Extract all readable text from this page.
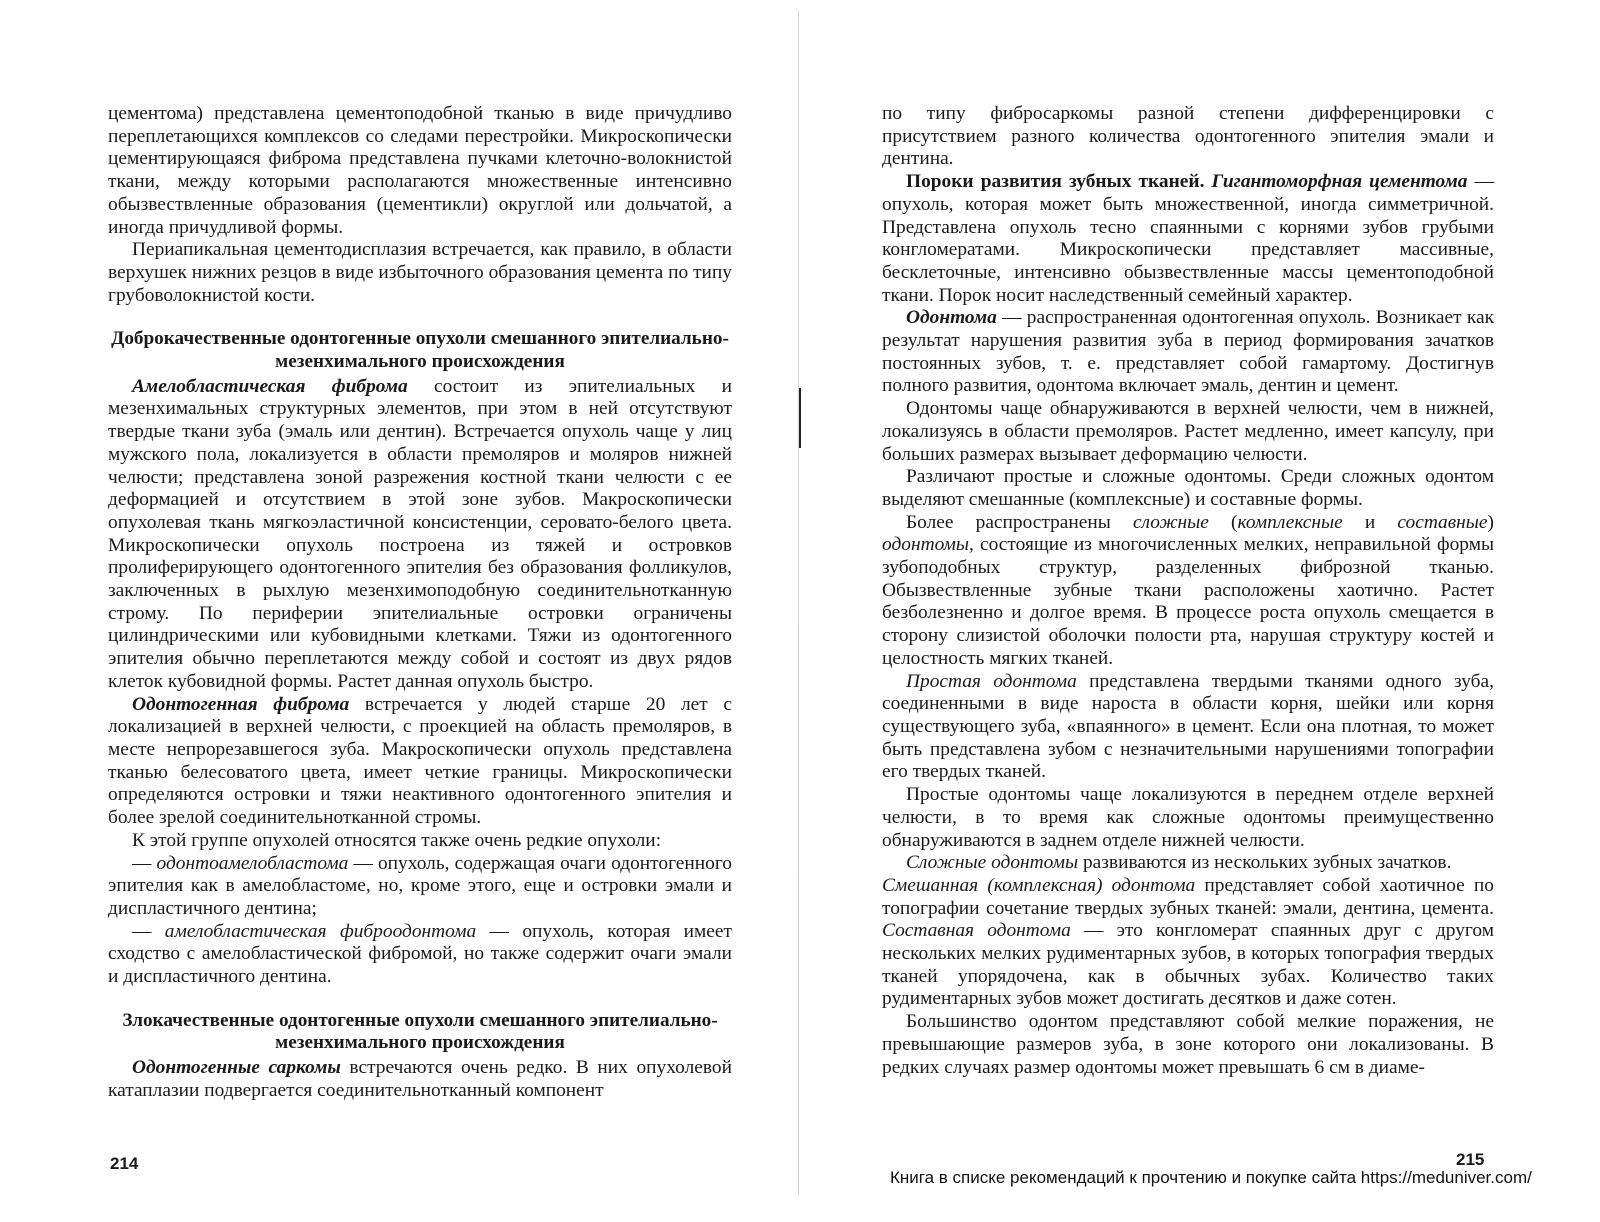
цементома) представлена цементоподобной тканью в виде причудливо переплетающихся комплексов со следами перестройки. Микроскопически цементирующаяся фиброма представлена пучками клеточно-волокнистой ткани, между которыми располагаются множественные интенсивно обызвествленные образования (цементикли) округлой или дольчатой, а иногда причудливой формы.

Периапикальная цементодисплазия встречается, как правило, в области верхушек нижних резцов в виде избыточного образования цемента по типу грубоволокнистой кости.

Доброкачественные одонтогенные опухоли смешанного эпителиально-мезенхимального происхождения

Амелобластическая фиброма состоит из эпителиальных и мезенхимальных структурных элементов, при этом в ней отсутствуют твердые ткани зуба (эмаль или дентин). Встречается опухоль чаще у лиц мужского пола, локализуется в области премоляров и моляров нижней челюсти; представлена зоной разрежения костной ткани челюсти с ее деформацией и отсутствием в этой зоне зубов. Макроскопически опухолевая ткань мягкоэластичной консистенции, серовато-белого цвета. Микроскопически опухоль построена из тяжей и островков пролиферирующего одонтогенного эпителия без образования фолликулов, заключенных в рыхлую мезенхимоподобную соединительнотканную строму. По периферии эпителиальные островки ограничены цилиндрическими или кубовидными клетками. Тяжи из одонтогенного эпителия обычно переплетаются между собой и состоят из двух рядов клеток кубовидной формы. Растет данная опухоль быстро.

Одонтогенная фиброма встречается у людей старше 20 лет с локализацией в верхней челюсти, с проекцией на область премоляров, в месте непрорезавшегося зуба. Макроскопически опухоль представлена тканью белесоватого цвета, имеет четкие границы. Микроскопически определяются островки и тяжи неактивного одонтогенного эпителия и более зрелой соединительнотканной стромы.

К этой группе опухолей относятся также очень редкие опухоли:

— одонтоамелобластома — опухоль, содержащая очаги одонтогенного эпителия как в амелобластоме, но, кроме этого, еще и островки эмали и диспластичного дентина;

— амелобластическая фиброодонтома — опухоль, которая имеет сходство с амелобластической фибромой, но также содержит очаги эмали и диспластичного дентина.

Злокачественные одонтогенные опухоли смешанного эпителиально-мезенхимального происхождения

Одонтогенные саркомы встречаются очень редко. В них опухолевой катаплазии подвергается соединительнотканный компонент

214

по типу фибросаркомы разной степени дифференцировки с присутствием разного количества одонтогенного эпителия эмали и дентина.

Пороки развития зубных тканей. Гигантоморфная цементома — опухоль, которая может быть множественной, иногда симметричной. Представлена опухоль тесно спаянными с корнями зубов грубыми конгломератами. Микроскопически представляет массивные, бесклеточные, интенсивно обызвествленные массы цементоподобной ткани. Порок носит наследственный семейный характер.

Одонтома — распространенная одонтогенная опухоль. Возникает как результат нарушения развития зуба в период формирования зачатков постоянных зубов, т. е. представляет собой гамартому. Достигнув полного развития, одонтома включает эмаль, дентин и цемент.

Одонтомы чаще обнаруживаются в верхней челюсти, чем в нижней, локализуясь в области премоляров. Растет медленно, имеет капсулу, при больших размерах вызывает деформацию челюсти.

Различают простые и сложные одонтомы. Среди сложных одонтом выделяют смешанные (комплексные) и составные формы.

Более распространены сложные (комплексные и составные) одонтомы, состоящие из многочисленных мелких, неправильной формы зубоподобных структур, разделенных фиброзной тканью. Обызвествленные зубные ткани расположены хаотично. Растет безболезненно и долгое время. В процессе роста опухоль смещается в сторону слизистой оболочки полости рта, нарушая структуру костей и целостность мягких тканей.

Простая одонтома представлена твердыми тканями одного зуба, соединенными в виде нароста в области корня, шейки или корня существующего зуба, «впаянного» в цемент. Если она плотная, то может быть представлена зубом с незначительными нарушениями топографии его твердых тканей.

Простые одонтомы чаще локализуются в переднем отделе верхней челюсти, в то время как сложные одонтомы преимущественно обнаруживаются в заднем отделе нижней челюсти.

Сложные одонтомы развиваются из нескольких зубных зачатков.
Смешанная (комплексная) одонтома представляет собой хаотичное по топографии сочетание твердых зубных тканей: эмали, дентина, цемента. Составная одонтома — это конгломерат спаянных друг с другом нескольких мелких рудиментарных зубов, в которых топография твердых тканей упорядочена, как в обычных зубах. Количество таких рудиментарных зубов может достигать десятков и даже сотен.

Большинство одонтом представляют собой мелкие поражения, не превышающие размеров зуба, в зоне которого они локализованы. В редких случаях размер одонтомы может превышать 6 см в диаме-

215
Книга в списке рекомендаций к прочтению и покупке сайта https://meduniver.com/
